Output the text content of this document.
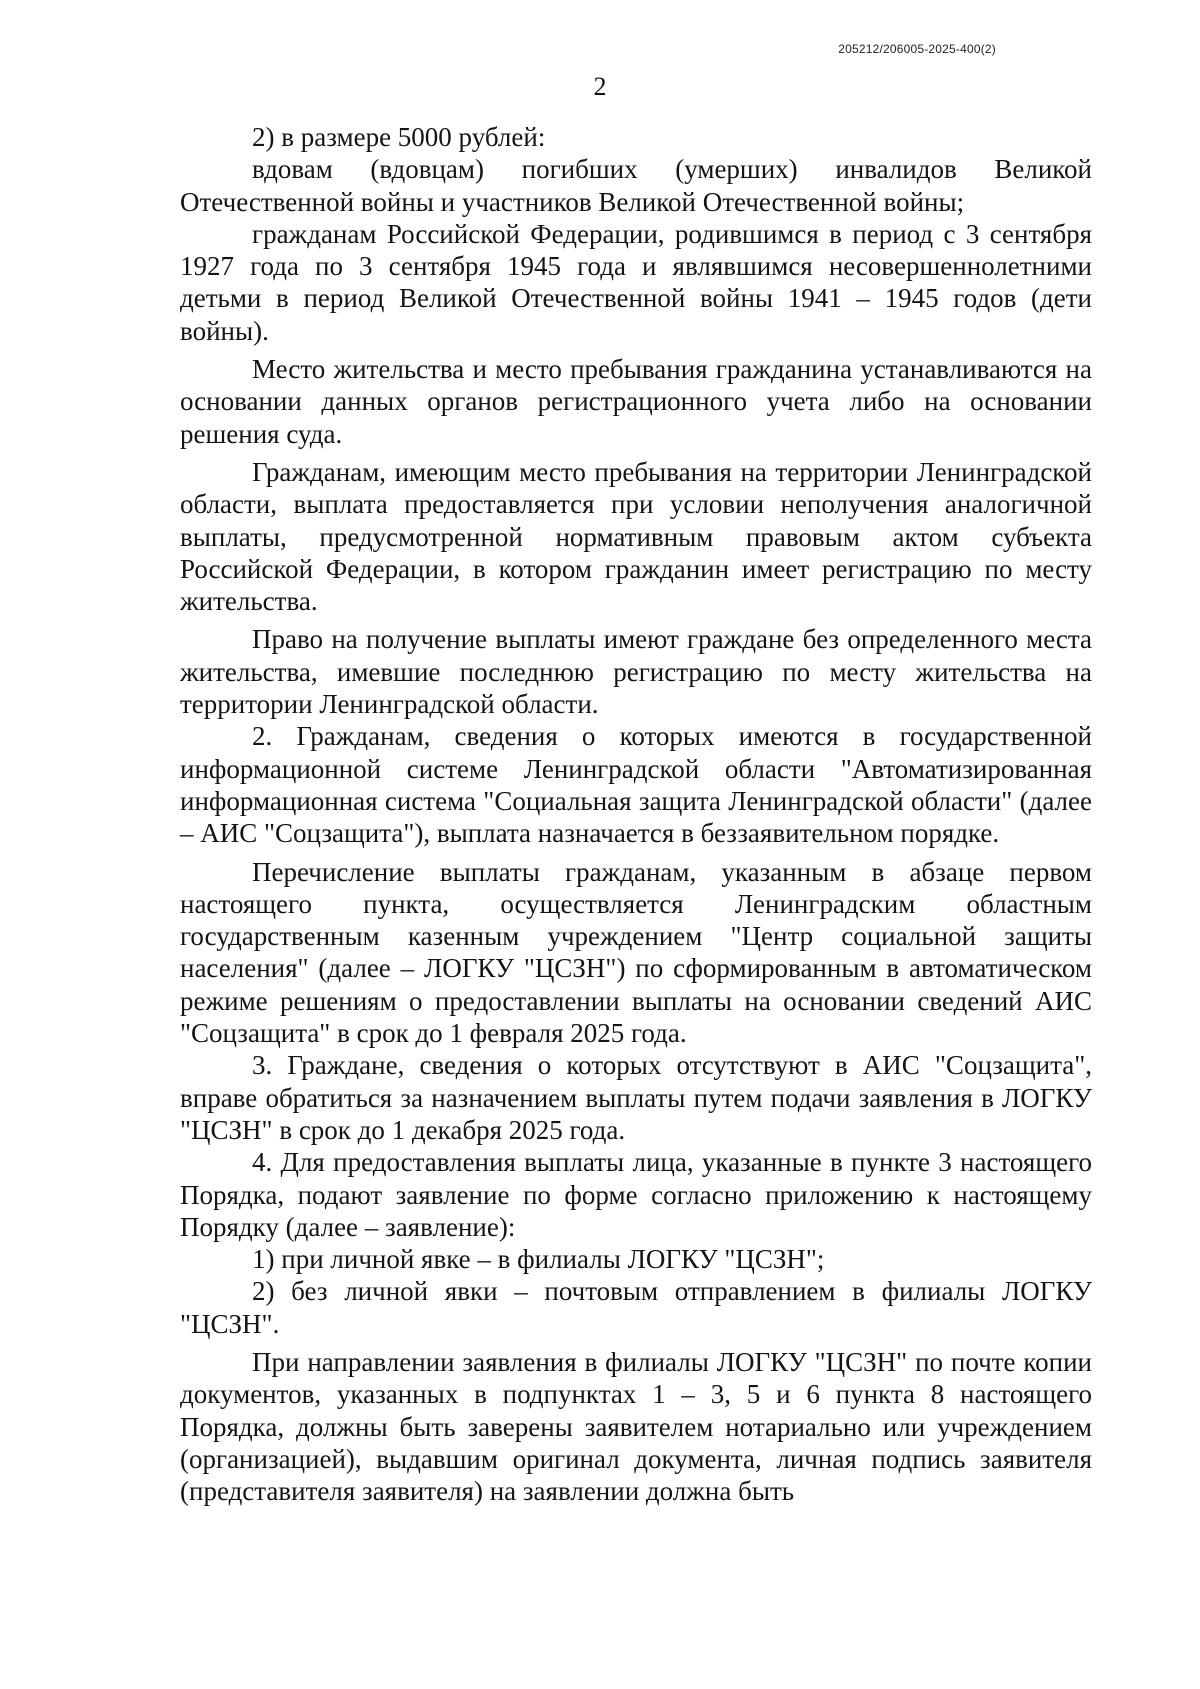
205212/206005-2025-400(2)
2

2) в размере 5000 рублей:

вдовам (вдовцам) погибших (умерших) инвалидов Великой Отечественной войны и участников Великой Отечественной войны;

гражданам Российской Федерации, родившимся в период с 3 сентября 1927 года по 3 сентября 1945 года и являвшимся несовершеннолетними детьми в период Великой Отечественной войны 1941 – 1945 годов (дети войны).

Место жительства и место пребывания гражданина устанавливаются на основании данных органов регистрационного учета либо на основании решения суда.

Гражданам, имеющим место пребывания на территории Ленинградской области, выплата предоставляется при условии неполучения аналогичной выплаты, предусмотренной нормативным правовым актом субъекта Российской Федерации, в котором гражданин имеет регистрацию по месту жительства.

Право на получение выплаты имеют граждане без определенного места жительства, имевшие последнюю регистрацию по месту жительства на территории Ленинградской области.

2. Гражданам, сведения о которых имеются в государственной информационной системе Ленинградской области "Автоматизированная информационная система "Социальная защита Ленинградской области" (далее – АИС "Соцзащита"), выплата назначается в беззаявительном порядке.

Перечисление выплаты гражданам, указанным в абзаце первом настоящего пункта, осуществляется Ленинградским областным государственным казенным учреждением "Центр социальной защиты населения" (далее – ЛОГКУ "ЦСЗН") по сформированным в автоматическом режиме решениям о предоставлении выплаты на основании сведений АИС "Соцзащита" в срок до 1 февраля 2025 года.

3. Граждане, сведения о которых отсутствуют в АИС "Соцзащита", вправе обратиться за назначением выплаты путем подачи заявления в ЛОГКУ "ЦСЗН" в срок до 1 декабря 2025 года.

4. Для предоставления выплаты лица, указанные в пункте 3 настоящего Порядка, подают заявление по форме согласно приложению к настоящему Порядку (далее – заявление):

1) при личной явке – в филиалы ЛОГКУ "ЦСЗН";

2) без личной явки – почтовым отправлением в филиалы ЛОГКУ "ЦСЗН".

При направлении заявления в филиалы ЛОГКУ "ЦСЗН" по почте копии документов, указанных в подпунктах 1 – 3, 5 и 6 пункта 8 настоящего Порядка, должны быть заверены заявителем нотариально или учреждением (организацией), выдавшим оригинал документа, личная подпись заявителя (представителя заявителя) на заявлении должна быть
